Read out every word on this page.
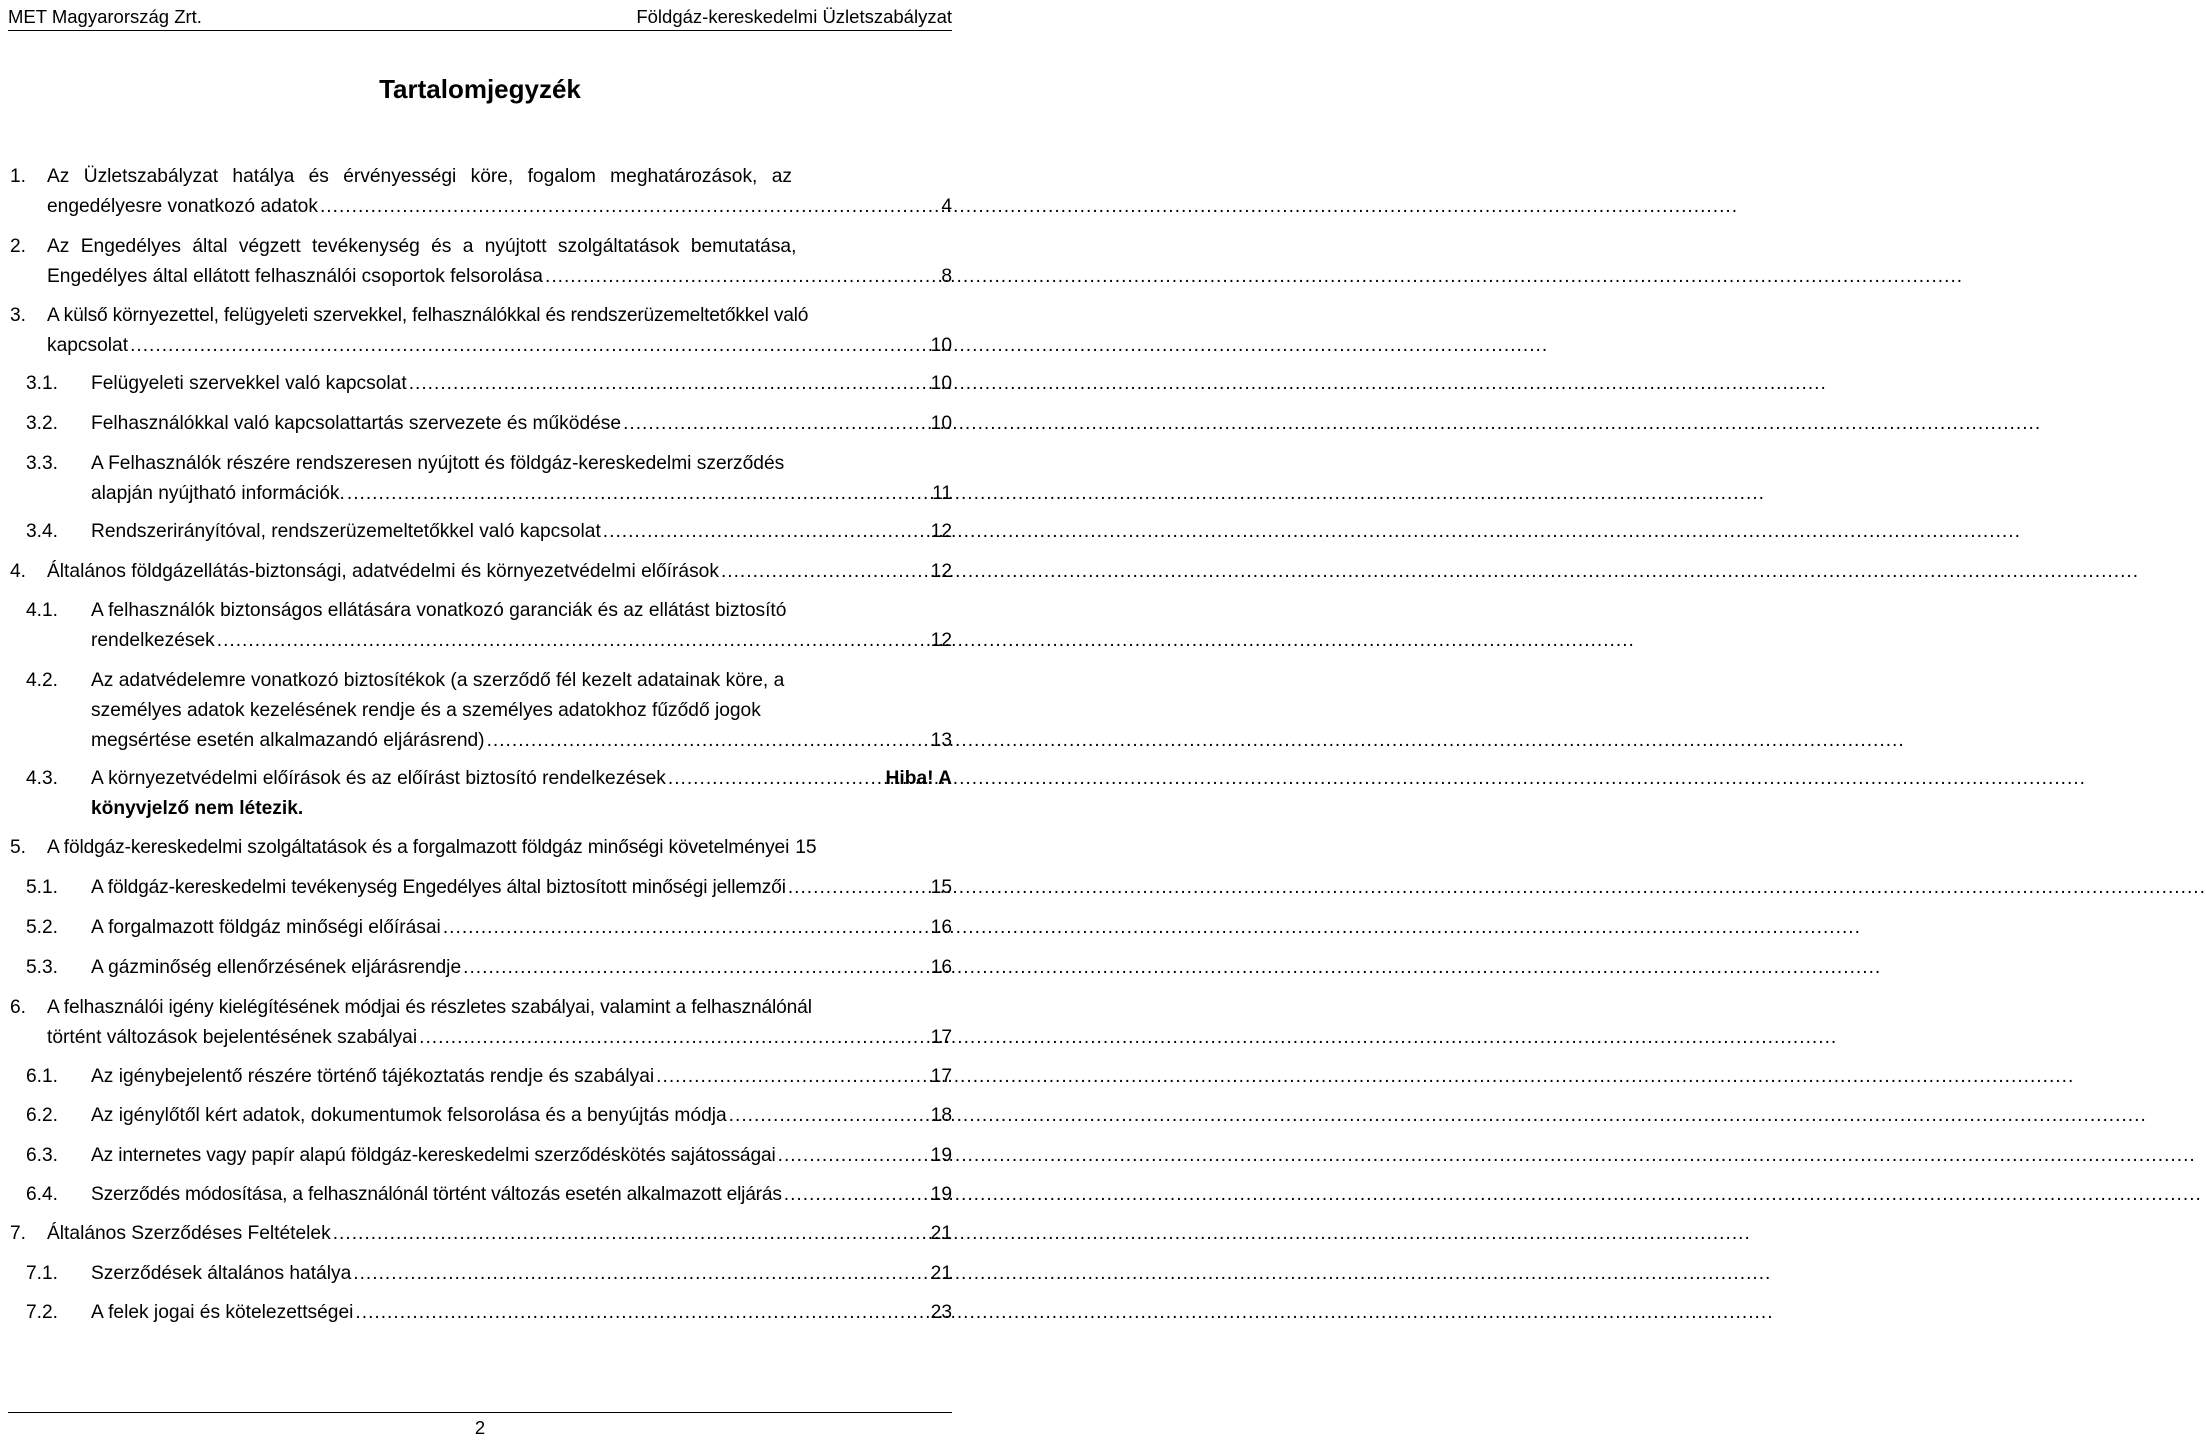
MET Magyarország Zrt.	Földgáz-kereskedelmi Üzletszabályzat
Tartalomjegyzék
1. Az Üzletszabályzat hatálya és érvényességi köre, fogalom meghatározások, az
engedélyesre vonatkozó adatok .....	4
2. Az Engedélyes által végzett tevékenység és a nyújtott szolgáltatások bemutatása,
Engedélyes által ellátott felhasználói csoportok felsorolása .....	8
3. A külső környezettel, felügyeleti szervekkel, felhasználókkal és rendszerüzemeltetőkkel való
kapcsolat .....	10
3.1. Felügyeleti szervekkel való kapcsolat .....	10
3.2. Felhasználókkal való kapcsolattartás szervezete és működése .....	10
3.3. A Felhasználók részére rendszeresen nyújtott és földgáz-kereskedelmi szerződés
alapján nyújtható információk. .....	11
3.4. Rendszerirányítóval, rendszerüzemeltetőkkel való kapcsolat .....	12
4. Általános földgázellátás-biztonsági, adatvédelmi és környezetvédelmi előírások .....	12
4.1. A felhasználók biztonságos ellátására vonatkozó garanciák és az ellátást biztosító
rendelkezések .....	12
4.2. Az adatvédelemre vonatkozó biztosítékok (a szerződő fél kezelt adatainak köre, a
személyes adatok kezelésének rendje és a személyes adatokhoz fűződő jogok
megsértése esetén alkalmazandó eljárásrend) .....	13
4.3. A környezetvédelmi előírások és az előírást biztosító rendelkezések .....	Hiba! A
könyvjelző nem létezik.
5. A földgáz-kereskedelmi szolgáltatások és a forgalmazott földgáz minőségi követelményei 15
5.1. A földgáz-kereskedelmi tevékenység Engedélyes által biztosított minőségi jellemzői .....	15
5.2. A forgalmazott földgáz minőségi előírásai .....	16
5.3. A gázminőség ellenőrzésének eljárásrendje .....	16
6. A felhasználói igény kielégítésének módjai és részletes szabályai, valamint a felhasználónál
történt változások bejelentésének szabályai .....	17
6.1. Az igénybejelentő részére történő tájékoztatás rendje és szabályai .....	17
6.2. Az igénylőtől kért adatok, dokumentumok felsorolása és a benyújtás módja .....	18
6.3. Az internetes vagy papír alapú földgáz-kereskedelmi szerződéskötés sajátosságai .....	19
6.4. Szerződés módosítása, a felhasználónál történt változás esetén alkalmazott eljárás .....	19
7. Általános Szerződéses Feltételek .....	21
7.1. Szerződések általános hatálya .....	21
7.2. A felek jogai és kötelezettségei .....	23
2
